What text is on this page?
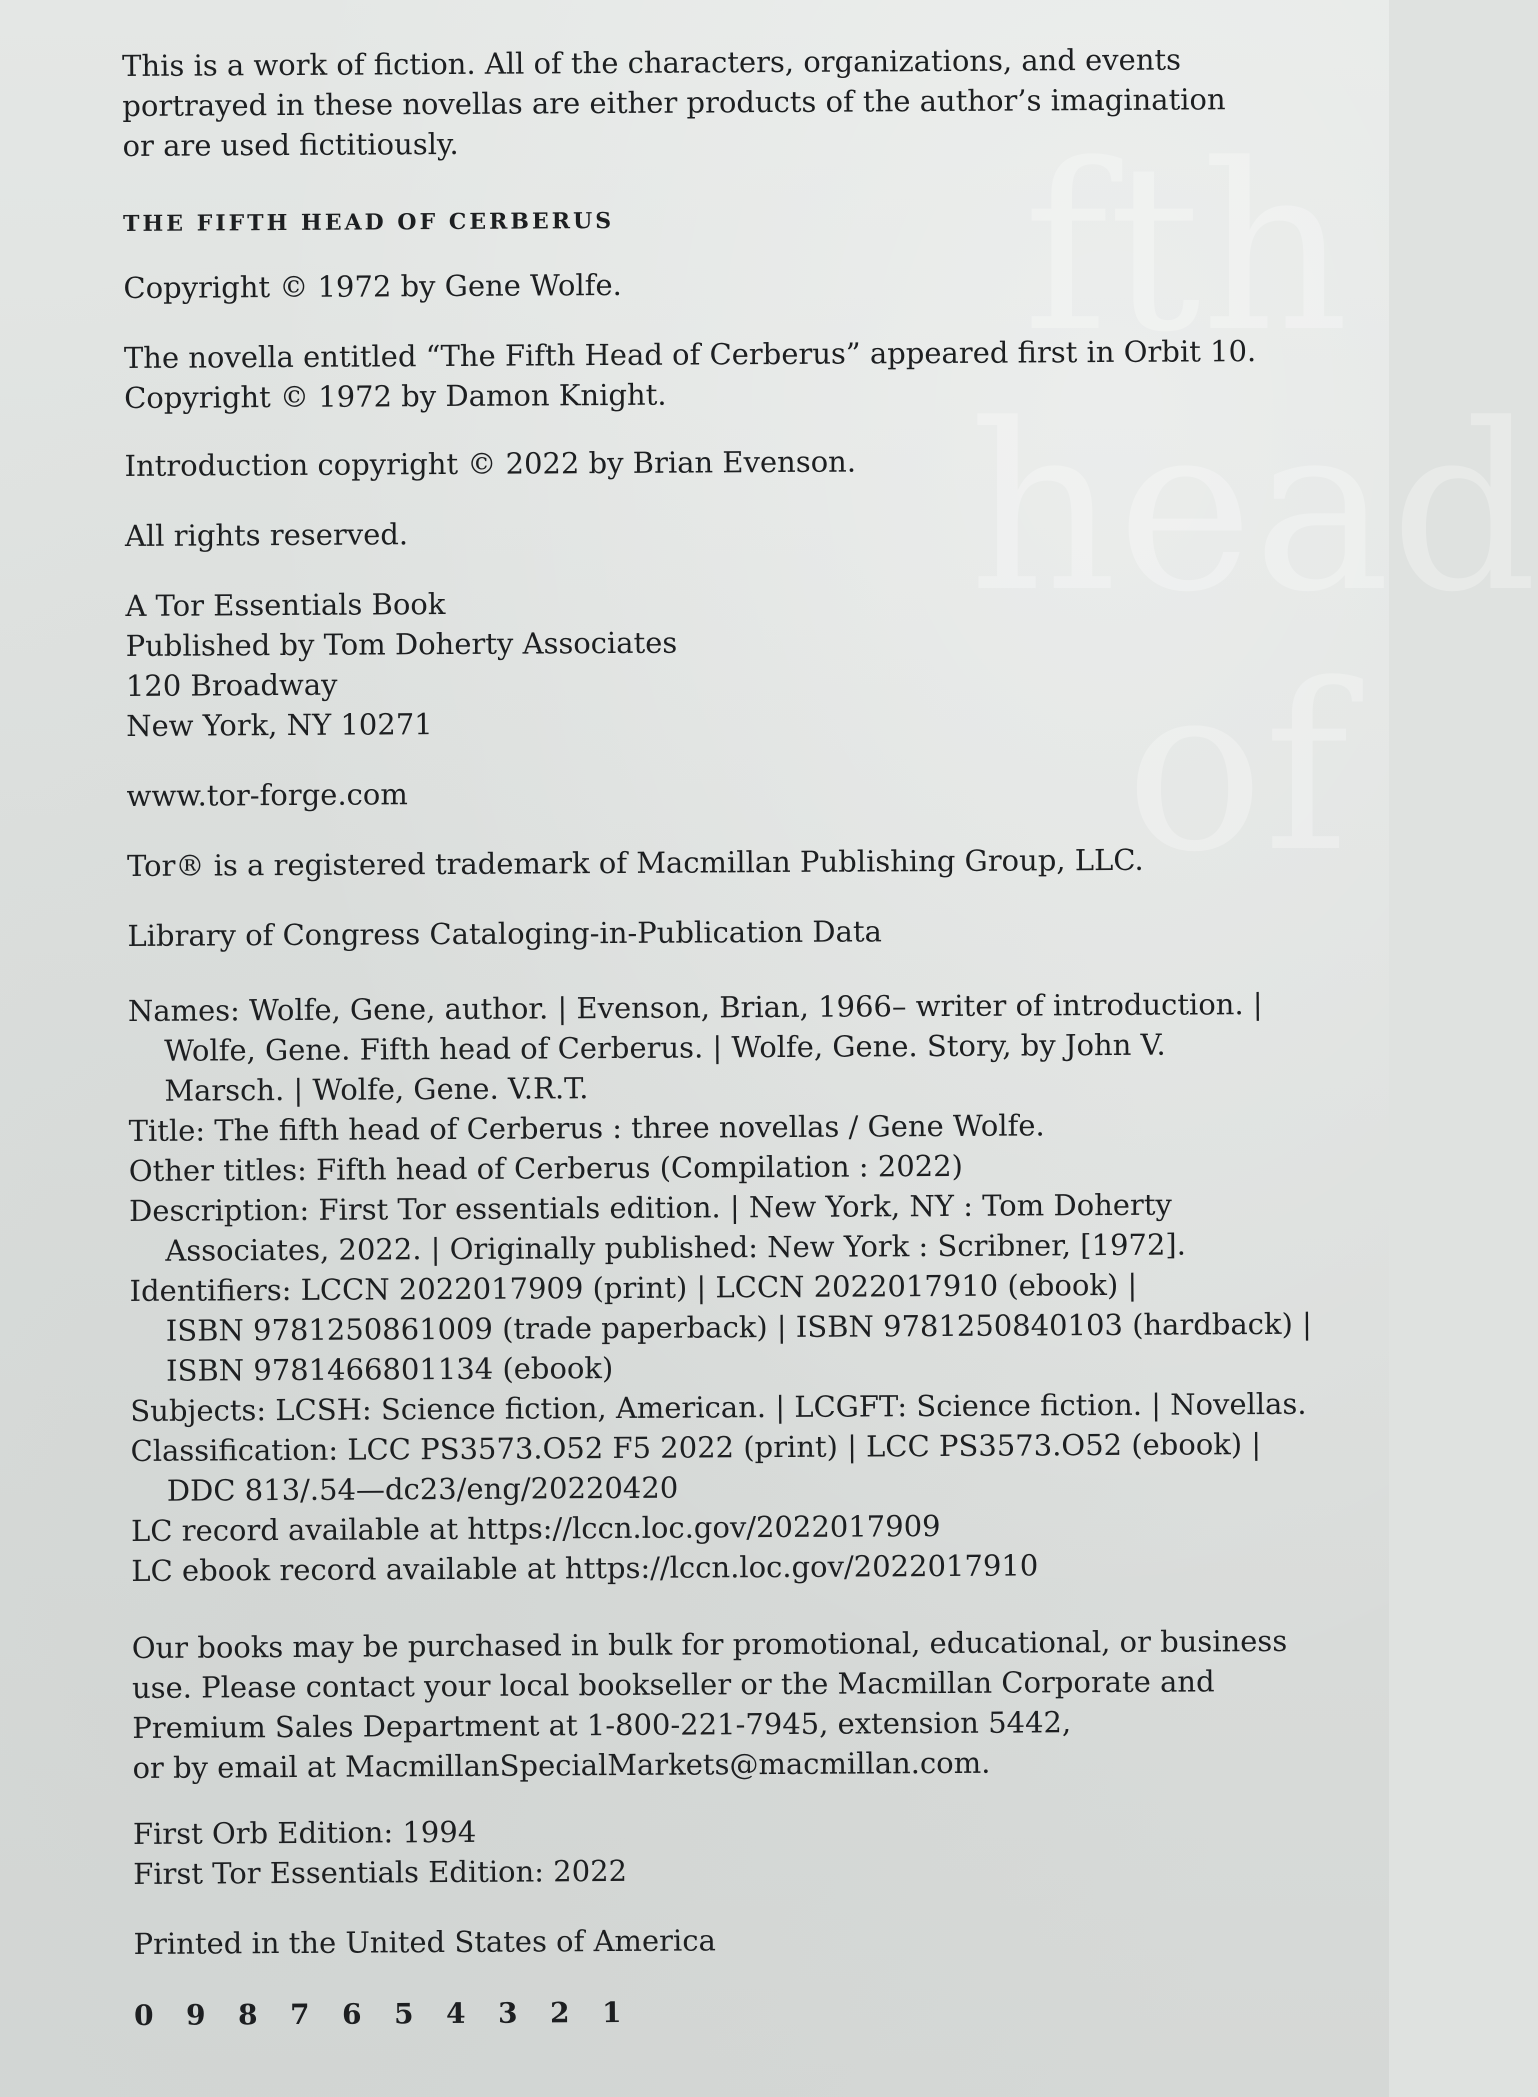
fth
head
of
This is a work of fiction. All of the characters, organizations, and events
portrayed in these novellas are either products of the author’s imagination
or are used fictitiously.
THE FIFTH HEAD OF CERBERUS
Copyright © 1972 by Gene Wolfe.
The novella entitled “The Fifth Head of Cerberus” appeared first in Orbit 10.
Copyright © 1972 by Damon Knight.
Introduction copyright © 2022 by Brian Evenson.
All rights reserved.
A Tor Essentials Book
Published by Tom Doherty Associates
120 Broadway
New York, NY 10271
www.tor-forge.com
Tor® is a registered trademark of Macmillan Publishing Group, LLC.
Library of Congress Cataloging-in-Publication Data
Names: Wolfe, Gene, author. | Evenson, Brian, 1966– writer of introduction. |
Wolfe, Gene. Fifth head of Cerberus. | Wolfe, Gene. Story, by John V.
Marsch. | Wolfe, Gene. V.R.T.
Title: The fifth head of Cerberus : three novellas / Gene Wolfe.
Other titles: Fifth head of Cerberus (Compilation : 2022)
Description: First Tor essentials edition. | New York, NY : Tom Doherty
Associates, 2022. | Originally published: New York : Scribner, [1972].
Identifiers: LCCN 2022017909 (print) | LCCN 2022017910 (ebook) |
ISBN 9781250861009 (trade paperback) | ISBN 9781250840103 (hardback) |
ISBN 9781466801134 (ebook)
Subjects: LCSH: Science fiction, American. | LCGFT: Science fiction. | Novellas.
Classification: LCC PS3573.O52 F5 2022 (print) | LCC PS3573.O52 (ebook) |
DDC 813/.54—dc23/eng/20220420
LC record available at https://lccn.loc.gov/2022017909
LC ebook record available at https://lccn.loc.gov/2022017910
Our books may be purchased in bulk for promotional, educational, or business
use. Please contact your local bookseller or the Macmillan Corporate and
Premium Sales Department at 1-800-221-7945, extension 5442,
or by email at MacmillanSpecialMarkets@macmillan.com.
First Orb Edition: 1994
First Tor Essentials Edition: 2022
Printed in the United States of America
0 9 8 7 6 5 4 3 2 1
